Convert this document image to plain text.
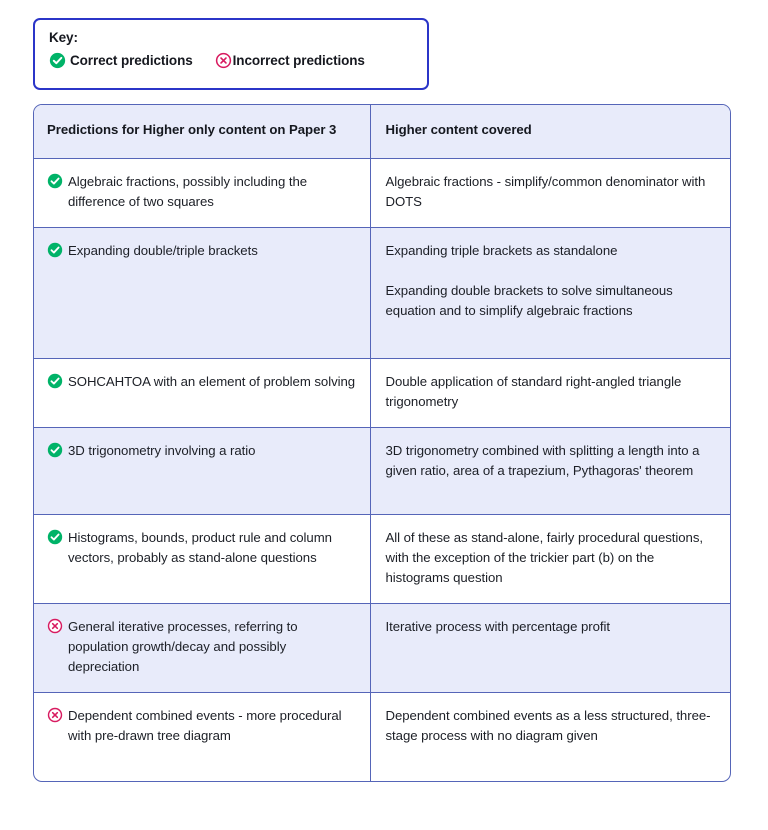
Key:
Correct predictions	Incorrect predictions
Predictions for Higher only content on Paper 3	Higher content covered

Algebraic fractions, possibly including the difference of two squares	Algebraic fractions - simplify/common denominator with DOTS

Expanding double/triple brackets	Expanding triple brackets as standalone
Expanding double brackets to solve simultaneous equation and to simplify algebraic fractions

SOHCAHTOA with an element of problem solving	Double application of standard right-angled triangle trigonometry

3D trigonometry involving a ratio	3D trigonometry combined with splitting a length into a given ratio, area of a trapezium, Pythagoras' theorem

Histograms, bounds, product rule and column vectors, probably as stand-alone questions	All of these as stand-alone, fairly procedural questions, with the exception of the trickier part (b) on the histograms question

General iterative processes, referring to population growth/decay and possibly depreciation	Iterative process with percentage profit

Dependent combined events - more procedural with pre-drawn tree diagram	Dependent combined events as a less structured, three-stage process with no diagram given
